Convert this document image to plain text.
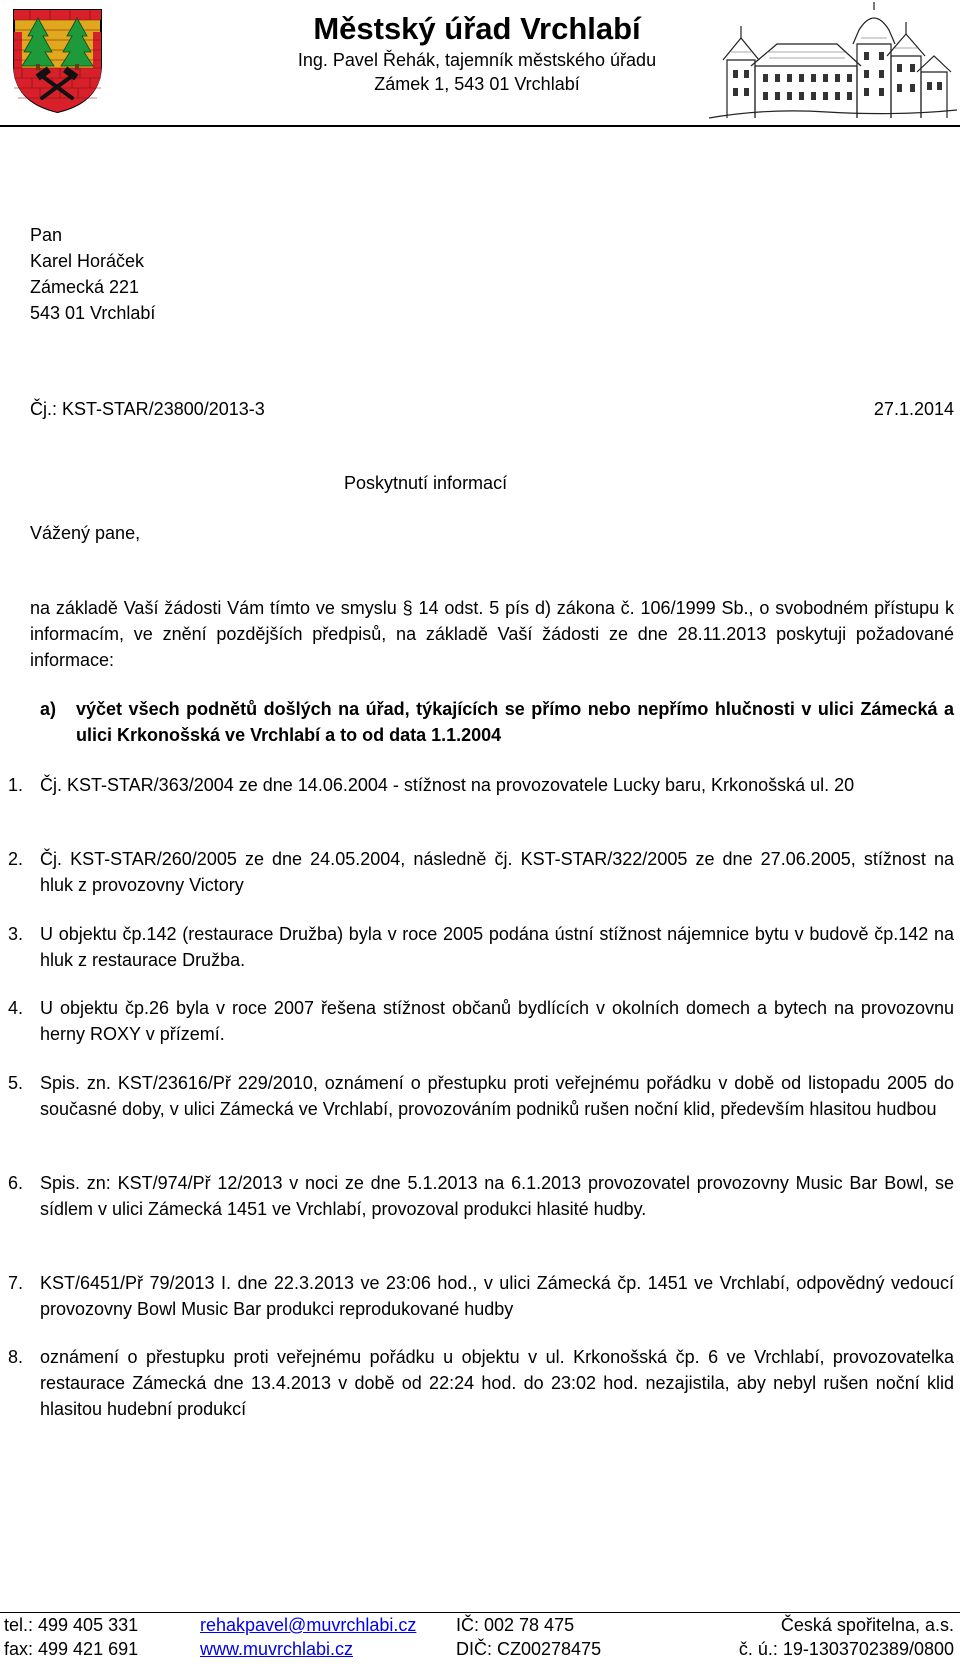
Městský úřad Vrchlabí
Ing. Pavel Řehák, tajemník městského úřadu
Zámek 1, 543 01 Vrchlabí
Pan
Karel Horáček
Zámecká 221
543 01 Vrchlabí
Čj.: KST-STAR/23800/2013-3	27.1.2014
Poskytnutí informací
Vážený pane,
na základě Vaší žádosti Vám tímto ve smyslu § 14 odst. 5 pís d) zákona č. 106/1999 Sb., o svobodném přístupu k informacím, ve znění pozdějších předpisů, na základě Vaší žádosti ze dne 28.11.2013 poskytuji požadované informace:
a) výčet všech podnětů došlých na úřad, týkajících se přímo nebo nepřímo hlučnosti v ulici Zámecká a ulici Krkonošská ve Vrchlabí a to od data 1.1.2004
1. Čj. KST-STAR/363/2004 ze dne 14.06.2004 - stížnost na provozovatele Lucky baru, Krkonošská ul. 20
2. Čj. KST-STAR/260/2005 ze dne 24.05.2004, následně čj. KST-STAR/322/2005 ze dne 27.06.2005, stížnost na hluk z provozovny Victory
3. U objektu čp.142 (restaurace Družba) byla v roce 2005 podána ústní stížnost nájemnice bytu v budově čp.142 na hluk z restaurace Družba.
4. U objektu čp.26 byla v roce 2007 řešena stížnost občanů bydlících v okolních domech a bytech na provozovnu herny ROXY v přízemí.
5. Spis. zn. KST/23616/Př 229/2010, oznámení o přestupku proti veřejnému pořádku v době od listopadu 2005 do současné doby, v ulici Zámecká ve Vrchlabí, provozováním podniků rušen noční klid, především hlasitou hudbou
6. Spis. zn: KST/974/Př 12/2013 v noci ze dne 5.1.2013 na 6.1.2013 provozovatel provozovny Music Bar Bowl, se sídlem v ulici Zámecká 1451 ve Vrchlabí, provozoval produkci hlasité hudby.
7. KST/6451/Př 79/2013 I. dne 22.3.2013 ve 23:06 hod., v ulici Zámecká čp. 1451 ve Vrchlabí, odpovědný vedoucí provozovny Bowl Music Bar produkci reprodukované hudby
8. oznámení o přestupku proti veřejnému pořádku u objektu v ul. Krkonošská čp. 6 ve Vrchlabí, provozovatelka restaurace Zámecká dne 13.4.2013 v době od 22:24 hod. do 23:02 hod. nezajistila, aby nebyl rušen noční klid hlasitou hudební produkcí
tel.: 499 405 331
fax: 499 421 691
rehakpavel@muvrchlabi.cz
www.muvrchlabi.cz
IČ: 002 78 475
DIČ: CZ00278475
Česká spořitelna, a.s.
č. ú.: 19-1303702389/0800
